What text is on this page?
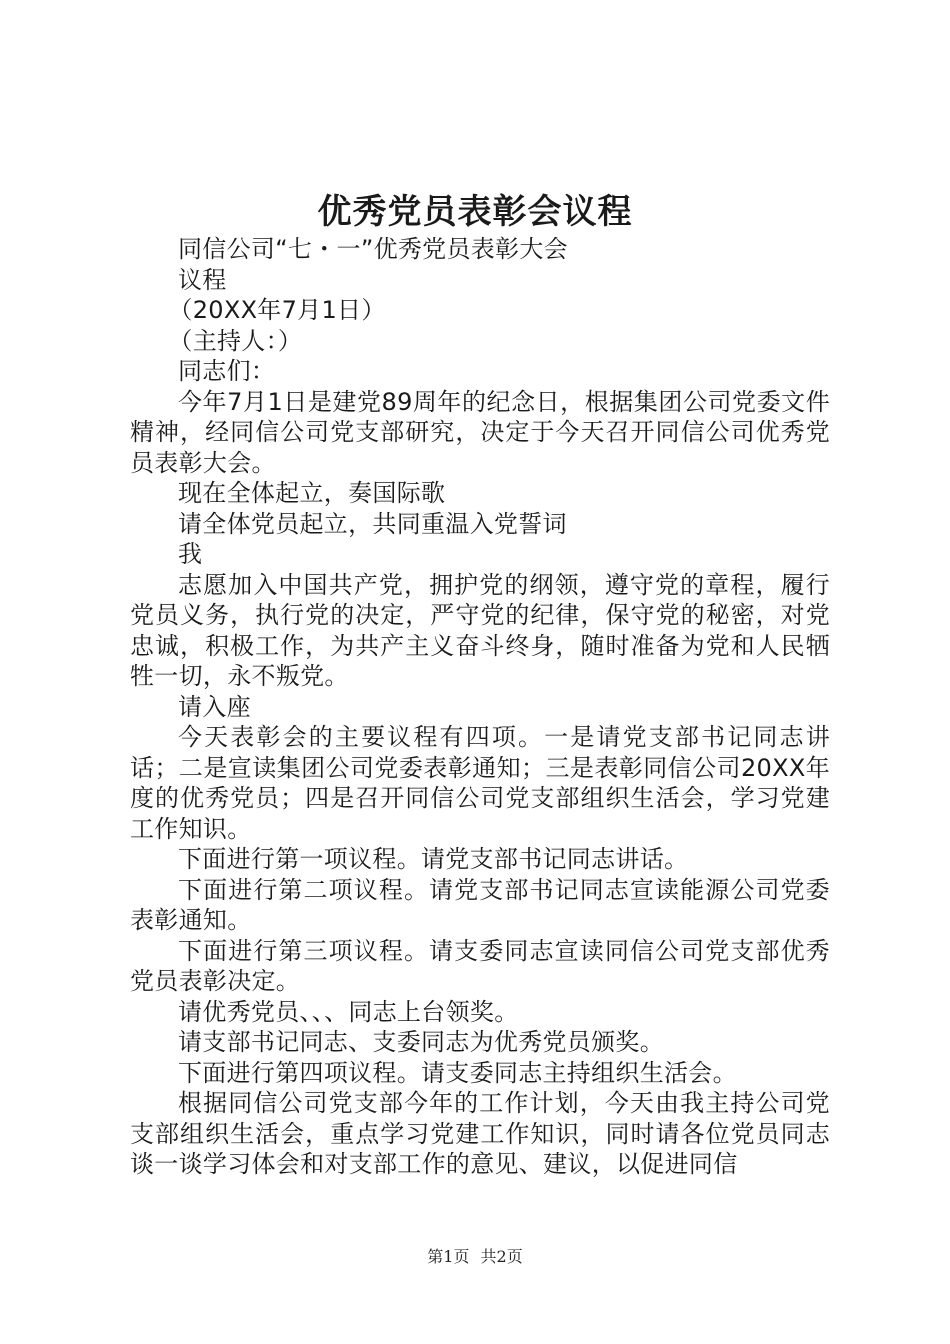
优秀党员表彰会议程

同信公司“七・一”优秀党员表彰大会

议程

（20XX年7月1日）

（主持人：）

同志们：

今年7月1日是建党89周年的纪念日，根据集团公司党委文件精神，经同信公司党支部研究，决定于今天召开同信公司优秀党员表彰大会。

现在全体起立，奏国际歌

请全体党员起立，共同重温入党誓词

我

志愿加入中国共产党，拥护党的纲领，遵守党的章程，履行党员义务，执行党的决定，严守党的纪律，保守党的秘密，对党忠诚，积极工作，为共产主义奋斗终身，随时准备为党和人民牺牲一切，永不叛党。

请入座

今天表彰会的主要议程有四项。一是请党支部书记同志讲话；二是宣读集团公司党委表彰通知；三是表彰同信公司20XX年度的优秀党员；四是召开同信公司党支部组织生活会，学习党建工作知识。

下面进行第一项议程。请党支部书记同志讲话。

下面进行第二项议程。请党支部书记同志宣读能源公司党委表彰通知。

下面进行第三项议程。请支委同志宣读同信公司党支部优秀党员表彰决定。

请优秀党员、、、同志上台领奖。

请支部书记同志、支委同志为优秀党员颁奖。

下面进行第四项议程。请支委同志主持组织生活会。

根据同信公司党支部今年的工作计划，今天由我主持公司党支部组织生活会，重点学习党建工作知识，同时请各位党员同志谈一谈学习体会和对支部工作的意见、建议，以促进同信

第1页 共2页
